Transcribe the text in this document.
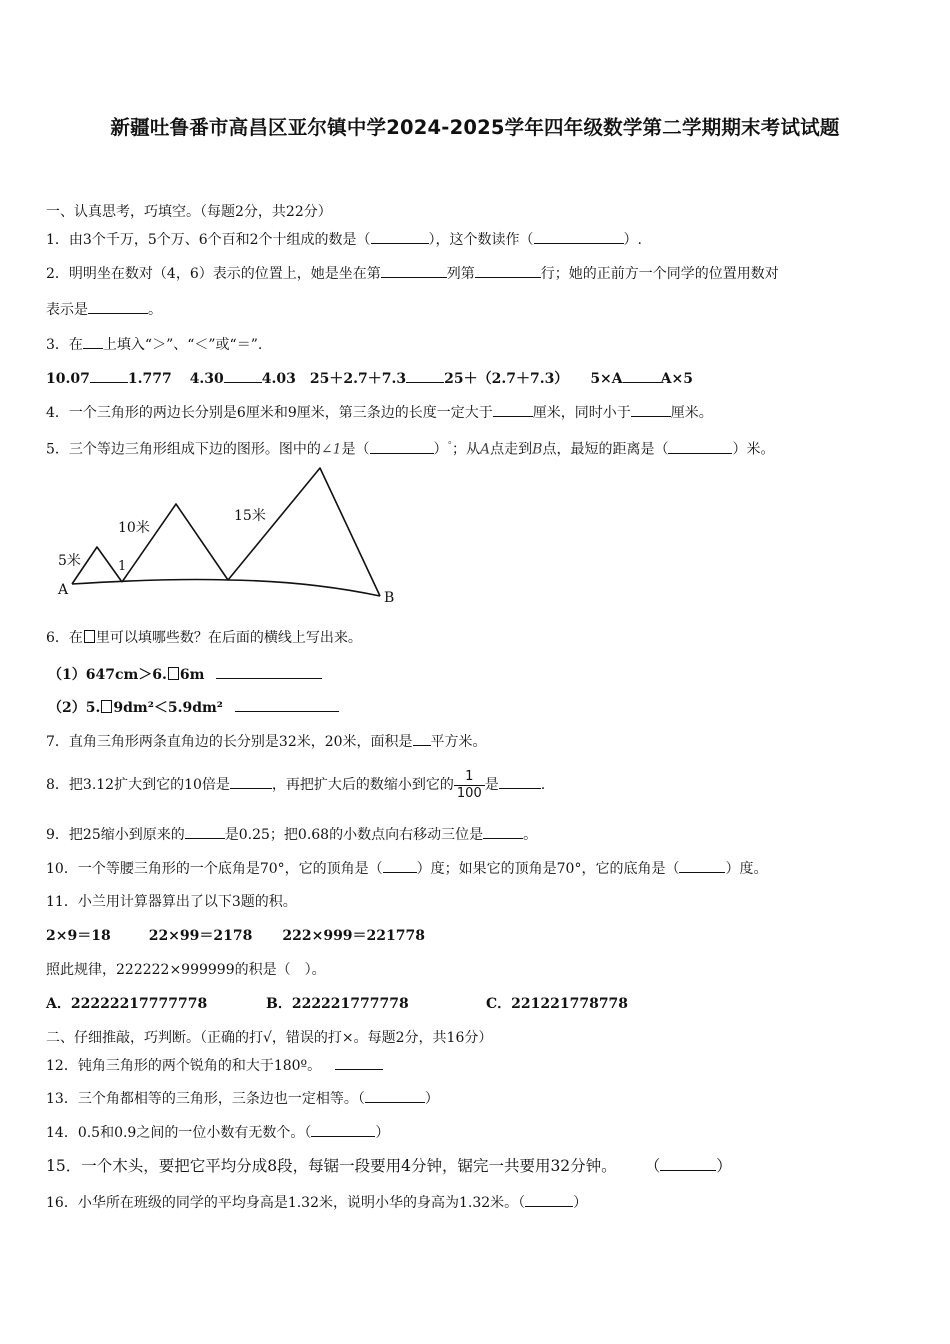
新疆吐鲁番市高昌区亚尔镇中学2024-2025学年四年级数学第二学期期末考试试题
一、认真思考，巧填空。（每题2分，共22分）
1．由3个千万，5个万、6个百和2个十组成的数是（	），这个数读作（	）.
2．明明坐在数对（4，6）表示的位置上，她是坐在第	列第	行；她的正前方一个同学的位置用数对
表示是	。
3．在 上填入“＞”、“＜”或“＝”.
10.07	1.777 4.30	4.03 25＋2.7＋7.3	25＋（2.7＋7.3） 5×A	A×5
4．一个三角形的两边长分别是6厘米和9厘米，第三条边的长度一定大于	厘米，同时小于	厘米。
5．三个等边三角形组成下边的图形。图中的∠1是（	）°；从A点走到B点，最短的距离是（	）米。
5米
10米
15米
1
A	B
6．在 里可以填哪些数？在后面的横线上写出来。
（1）647cm＞6. 6m
（2）5. 9dm²＜5.9dm²
7．直角三角形两条直角边的长分别是32米，20米，面积是 平方米。
8．把3.12扩大到它的10倍是	，再把扩大后的数缩小到它的 $\frac{1}{100}$ 是	.
9．把25缩小到原来的	是0.25；把0.68的小数点向右移动三位是	。
10．一个等腰三角形的一个底角是70°，它的顶角是（ ）度；如果它的顶角是70°，它的底角是（	）度。
11．小兰用计算器算出了以下3题的积。
2×9＝18	22×99＝2178 222×999＝221778
照此规律，222222×999999的积是（　）。
A．22222217777778	B．222221777778	C．221221778778
二、仔细推敲，巧判断。（正确的打√，错误的打×。每题2分，共16分）
12．钝角三角形的两个锐角的和大于180º。
13．三个角都相等的三角形，三条边也一定相等。（	）
14．0.5和0.9之间的一位小数有无数个。（	）
15．一个木头，要把它平均分成8段，每锯一段要用4分钟，锯完一共要用32分钟。 （	）
16．小华所在班级的同学的平均身高是1.32米，说明小华的身高为1.32米。（	）
